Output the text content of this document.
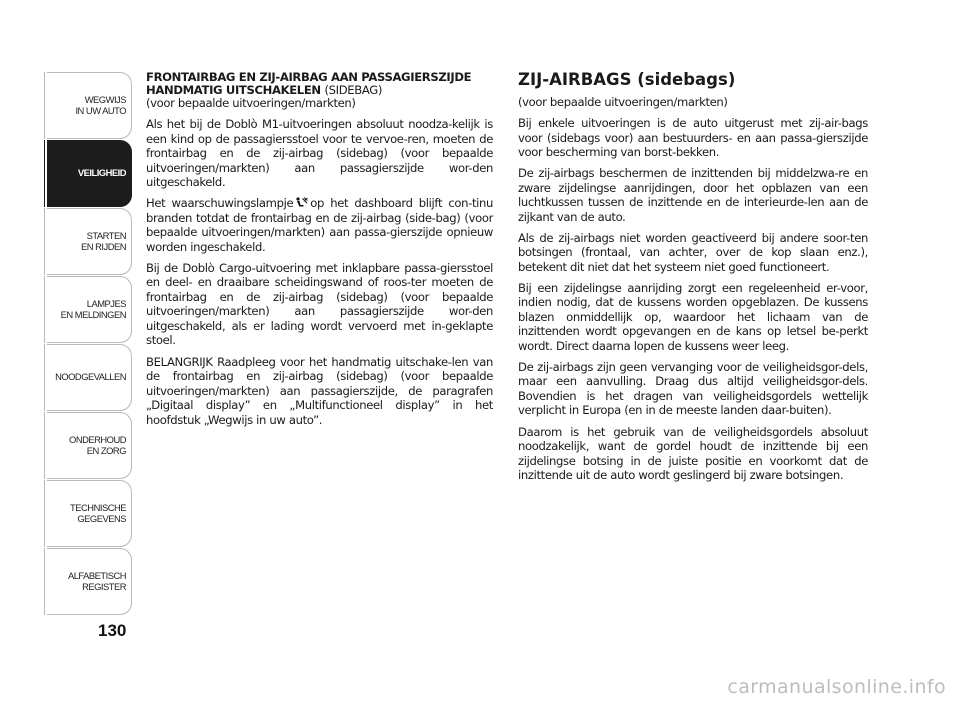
WEGWIJS
IN UW AUTO
VEILIGHEID
STARTEN
EN RIJDEN
LAMPJES
EN MELDINGEN
NOODGEVALLEN
ONDERHOUD
EN ZORG
TECHNISCHE
GEGEVENS
ALFABETISCH
REGISTER
130
FRONTAIRBAG EN ZIJ-AIRBAG AAN PASSAGIERSZIJDE HANDMATIG UITSCHAKELEN (SIDEBAG)

(voor bepaalde uitvoeringen/markten)

Als het bij de Doblò M1-uitvoeringen absoluut noodza-kelijk is een kind op de passagiersstoel voor te vervoe-ren, moeten de frontairbag en de zij-airbag (sidebag) (voor bepaalde uitvoeringen/markten) aan passagierszijde wor-den uitgeschakeld.

Het waarschuwingslampje op het dashboard blijft con-tinu branden totdat de frontairbag en de zij-airbag (side-bag) (voor bepaalde uitvoeringen/markten) aan passa-gierszijde opnieuw worden ingeschakeld.

Bij de Doblò Cargo-uitvoering met inklapbare passa-giersstoel en deel- en draaibare scheidingswand of roos-ter moeten de frontairbag en de zij-airbag (sidebag) (voor bepaalde uitvoeringen/markten) aan passagierszijde wor-den uitgeschakeld, als er lading wordt vervoerd met in-geklapte stoel.

BELANGRIJK Raadpleeg voor het handmatig uitschake-len van de frontairbag en zij-airbag (sidebag) (voor bepaalde uitvoeringen/markten) aan passagierszijde, de paragrafen „Digitaal display” en „Multifunctioneel display” in het hoofdstuk „Wegwijs in uw auto”.

ZIJ-AIRBAGS (sidebags)

(voor bepaalde uitvoeringen/markten)

Bij enkele uitvoeringen is de auto uitgerust met zij-air-bags voor (sidebags voor) aan bestuurders- en aan passa-gierszijde voor bescherming van borst-bekken.

De zij-airbags beschermen de inzittenden bij middelzwa-re en zware zijdelingse aanrijdingen, door het opblazen van een luchtkussen tussen de inzittende en de interieurde-len aan de zijkant van de auto.

Als de zij-airbags niet worden geactiveerd bij andere soor-ten botsingen (frontaal, van achter, over de kop slaan enz.), betekent dit niet dat het systeem niet goed functioneert.

Bij een zijdelingse aanrijding zorgt een regeleenheid er-voor, indien nodig, dat de kussens worden opgeblazen. De kussens blazen onmiddellijk op, waardoor het lichaam van de inzittenden wordt opgevangen en de kans op letsel be-perkt wordt. Direct daarna lopen de kussens weer leeg.

De zij-airbags zijn geen vervanging voor de veiligheidsgor-dels, maar een aanvulling. Draag dus altijd veiligheidsgor-dels. Bovendien is het dragen van veiligheidsgordels wettelijk verplicht in Europa (en in de meeste landen daar-buiten).

Daarom is het gebruik van de veiligheidsgordels absoluut noodzakelijk, want de gordel houdt de inzittende bij een zijdelingse botsing in de juiste positie en voorkomt dat de inzittende uit de auto wordt geslingerd bij zware botsingen.

carmanualsonline.info
